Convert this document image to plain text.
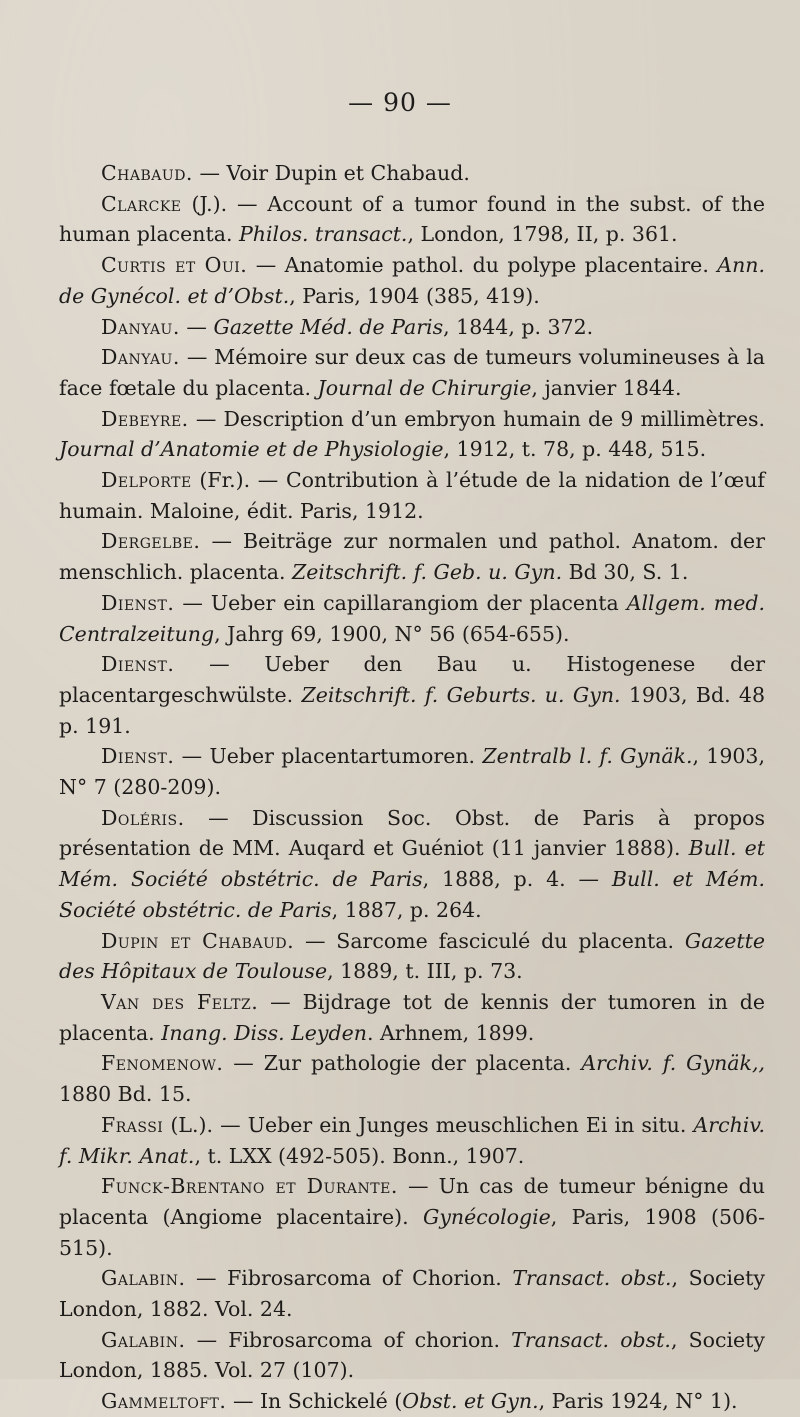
— 90 —

Chabaud. — Voir Dupin et Chabaud.

Clarcke (J.). — Account of a tumor found in the subst. of the human placenta. Philos. transact., London, 1798, II, p. 361.

Curtis et Oui. — Anatomie pathol. du polype placentaire. Ann. de Gynécol. et d’Obst., Paris, 1904 (385, 419).

Danyau. — Gazette Méd. de Paris, 1844, p. 372.

Danyau. — Mémoire sur deux cas de tumeurs volumineuses à la face fœtale du placenta. Journal de Chirurgie, janvier 1844.

Debeyre. — Description d’un embryon humain de 9 millimètres. Journal d’Anatomie et de Physiologie, 1912, t. 78, p. 448, 515.

Delporte (Fr.). — Contribution à l’étude de la nidation de l’œuf humain. Maloine, édit. Paris, 1912.

Dergelbe. — Beiträge zur normalen und pathol. Anatom. der menschlich. placenta. Zeitschrift. f. Geb. u. Gyn. Bd 30, S. 1.

Dienst. — Ueber ein capillarangiom der placenta Allgem. med. Centralzeitung, Jahrg 69, 1900, N° 56 (654-655).

Dienst. — Ueber den Bau u. Histogenese der placentargeschwülste. Zeitschrift. f. Geburts. u. Gyn. 1903, Bd. 48 p. 191.

Dienst. — Ueber placentartumoren. Zentralb l. f. Gynäk., 1903, N° 7 (280-209).

Doléris. — Discussion Soc. Obst. de Paris à propos présentation de MM. Auqard et Guéniot (11 janvier 1888). Bull. et Mém. Société obstétric. de Paris, 1888, p. 4. — Bull. et Mém. Société obstétric. de Paris, 1887, p. 264.

Dupin et Chabaud. — Sarcome fasciculé du placenta. Gazette des Hôpitaux de Toulouse, 1889, t. III, p. 73.

Van des Feltz. — Bijdrage tot de kennis der tumoren in de placenta. Inang. Diss. Leyden. Arhnem, 1899.

Fenomenow. — Zur pathologie der placenta. Archiv. f. Gynäk,, 1880 Bd. 15.

Frassi (L.). — Ueber ein Junges meuschlichen Ei in situ. Archiv. f. Mikr. Anat., t. LXX (492-505). Bonn., 1907.

Funck-Brentano et Durante. — Un cas de tumeur bénigne du placenta (Angiome placentaire). Gynécologie, Paris, 1908 (506-515).

Galabin. — Fibrosarcoma of Chorion. Transact. obst., Society London, 1882. Vol. 24.

Galabin. — Fibrosarcoma of chorion. Transact. obst., Society London, 1885. Vol. 27 (107).

Gammeltoft. — In Schickelé (Obst. et Gyn., Paris 1924, N° 1).
